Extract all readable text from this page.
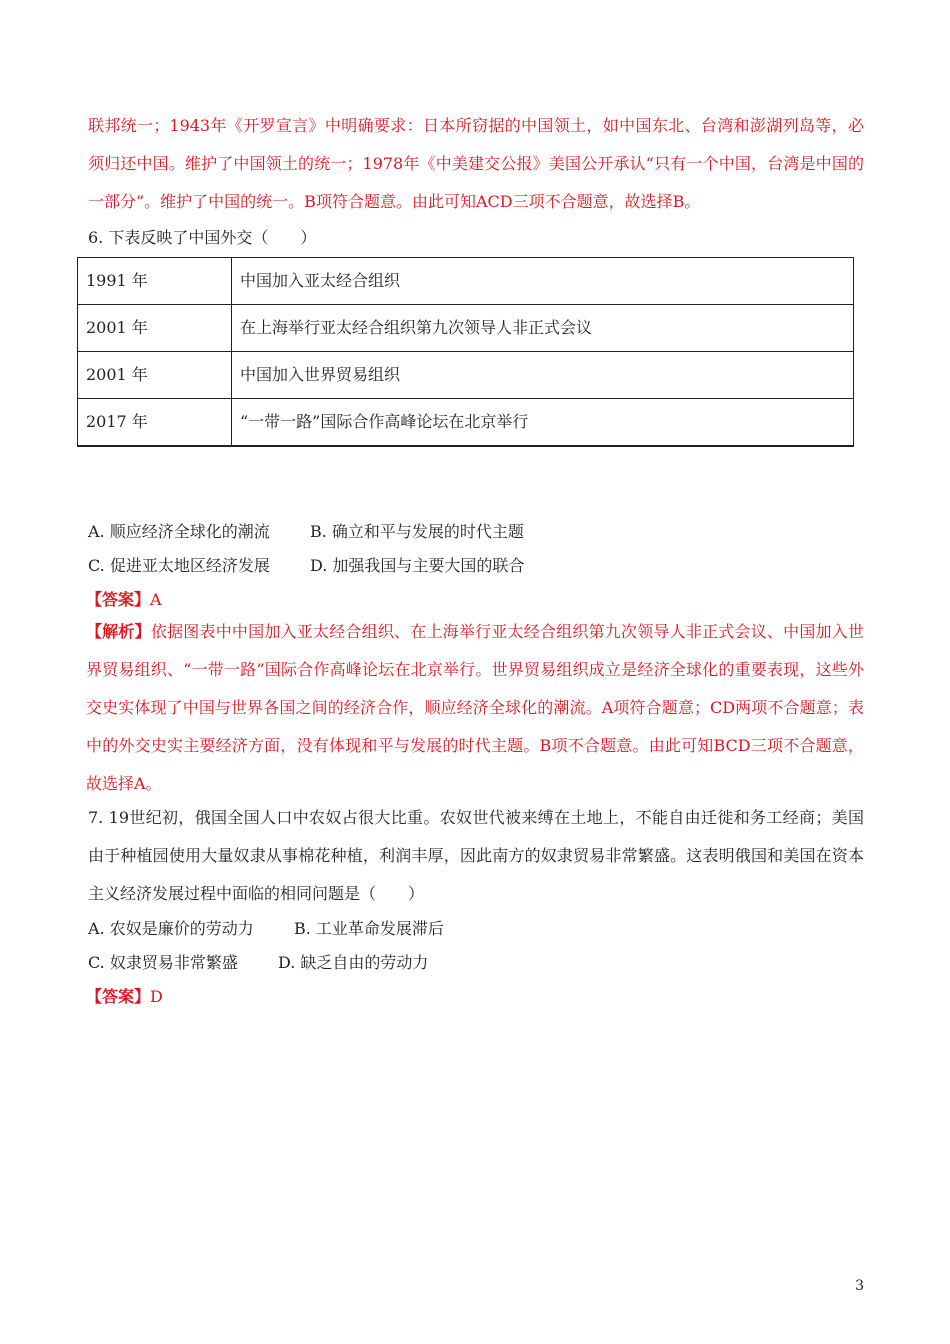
联邦统一；1943年《开罗宣言》中明确要求：日本所窃据的中国领土，如中国东北、台湾和澎湖列岛等，必须归还中国。维护了中国领土的统一；1978年《中美建交公报》美国公开承认“只有一个中国，台湾是中国的一部分”。维护了中国的统一。B项符合题意。由此可知ACD三项不合题意，故选择B。
6. 下表反映了中国外交（　　）
1991 年	中国加入亚太经合组织
2001 年	在上海举行亚太经合组织第九次领导人非正式会议
2001 年	中国加入世界贸易组织
2017 年	“一带一路”国际合作高峰论坛在北京举行
A. 顺应经济全球化的潮流	B. 确立和平与发展的时代主题
C. 促进亚太地区经济发展	D. 加强我国与主要大国的联合
【答案】A
【解析】依据图表中中国加入亚太经合组织、在上海举行亚太经合组织第九次领导人非正式会议、中国加入世界贸易组织、“一带一路”国际合作高峰论坛在北京举行。世界贸易组织成立是经济全球化的重要表现，这些外交史实体现了中国与世界各国之间的经济合作，顺应经济全球化的潮流。A项符合题意；CD两项不合题意；表中的外交史实主要经济方面，没有体现和平与发展的时代主题。B项不合题意。由此可知BCD三项不合题意，故选择A。
7. 19世纪初，俄国全国人口中农奴占很大比重。农奴世代被来缚在土地上，不能自由迁徙和务工经商；美国由于种植园使用大量奴隶从事棉花种植，利润丰厚，因此南方的奴隶贸易非常繁盛。这表明俄国和美国在资本主义经济发展过程中面临的相同问题是（　　）
A. 农奴是廉价的劳动力	B. 工业革命发展滞后
C. 奴隶贸易非常繁盛	D. 缺乏自由的劳动力
【答案】D
3
